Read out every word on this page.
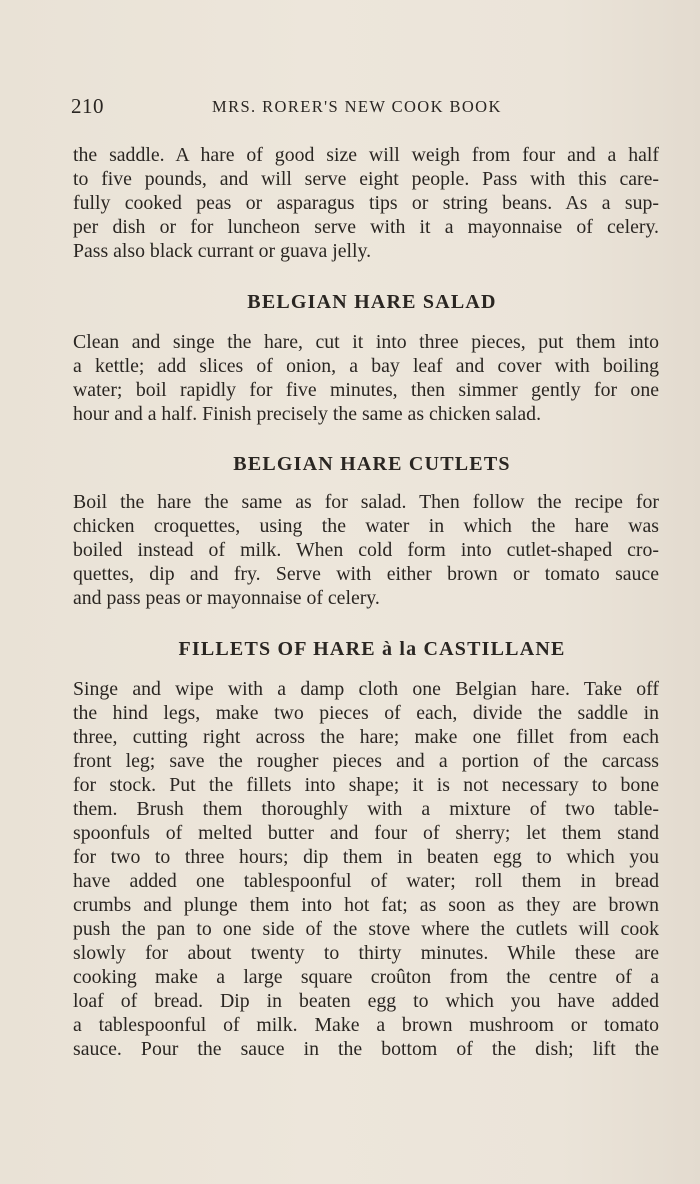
210	MRS. RORER'S NEW COOK BOOK
the saddle. A hare of good size will weigh from four and a half
to five pounds, and will serve eight people. Pass with this care-
fully cooked peas or asparagus tips or string beans. As a sup-
per dish or for luncheon serve with it a mayonnaise of celery.
Pass also black currant or guava jelly.
BELGIAN HARE SALAD
Clean and singe the hare, cut it into three pieces, put them into
a kettle; add slices of onion, a bay leaf and cover with boiling
water; boil rapidly for five minutes, then simmer gently for one
hour and a half. Finish precisely the same as chicken salad.
BELGIAN HARE CUTLETS
Boil the hare the same as for salad. Then follow the recipe for
chicken croquettes, using the water in which the hare was
boiled instead of milk. When cold form into cutlet-shaped cro-
quettes, dip and fry. Serve with either brown or tomato sauce
and pass peas or mayonnaise of celery.
FILLETS OF HARE à la CASTILLANE
Singe and wipe with a damp cloth one Belgian hare. Take off
the hind legs, make two pieces of each, divide the saddle in
three, cutting right across the hare; make one fillet from each
front leg; save the rougher pieces and a portion of the carcass
for stock. Put the fillets into shape; it is not necessary to bone
them. Brush them thoroughly with a mixture of two table-
spoonfuls of melted butter and four of sherry; let them stand
for two to three hours; dip them in beaten egg to which you
have added one tablespoonful of water; roll them in bread
crumbs and plunge them into hot fat; as soon as they are brown
push the pan to one side of the stove where the cutlets will cook
slowly for about twenty to thirty minutes. While these are
cooking make a large square croûton from the centre of a
loaf of bread. Dip in beaten egg to which you have added
a tablespoonful of milk. Make a brown mushroom or tomato
sauce. Pour the sauce in the bottom of the dish; lift the
